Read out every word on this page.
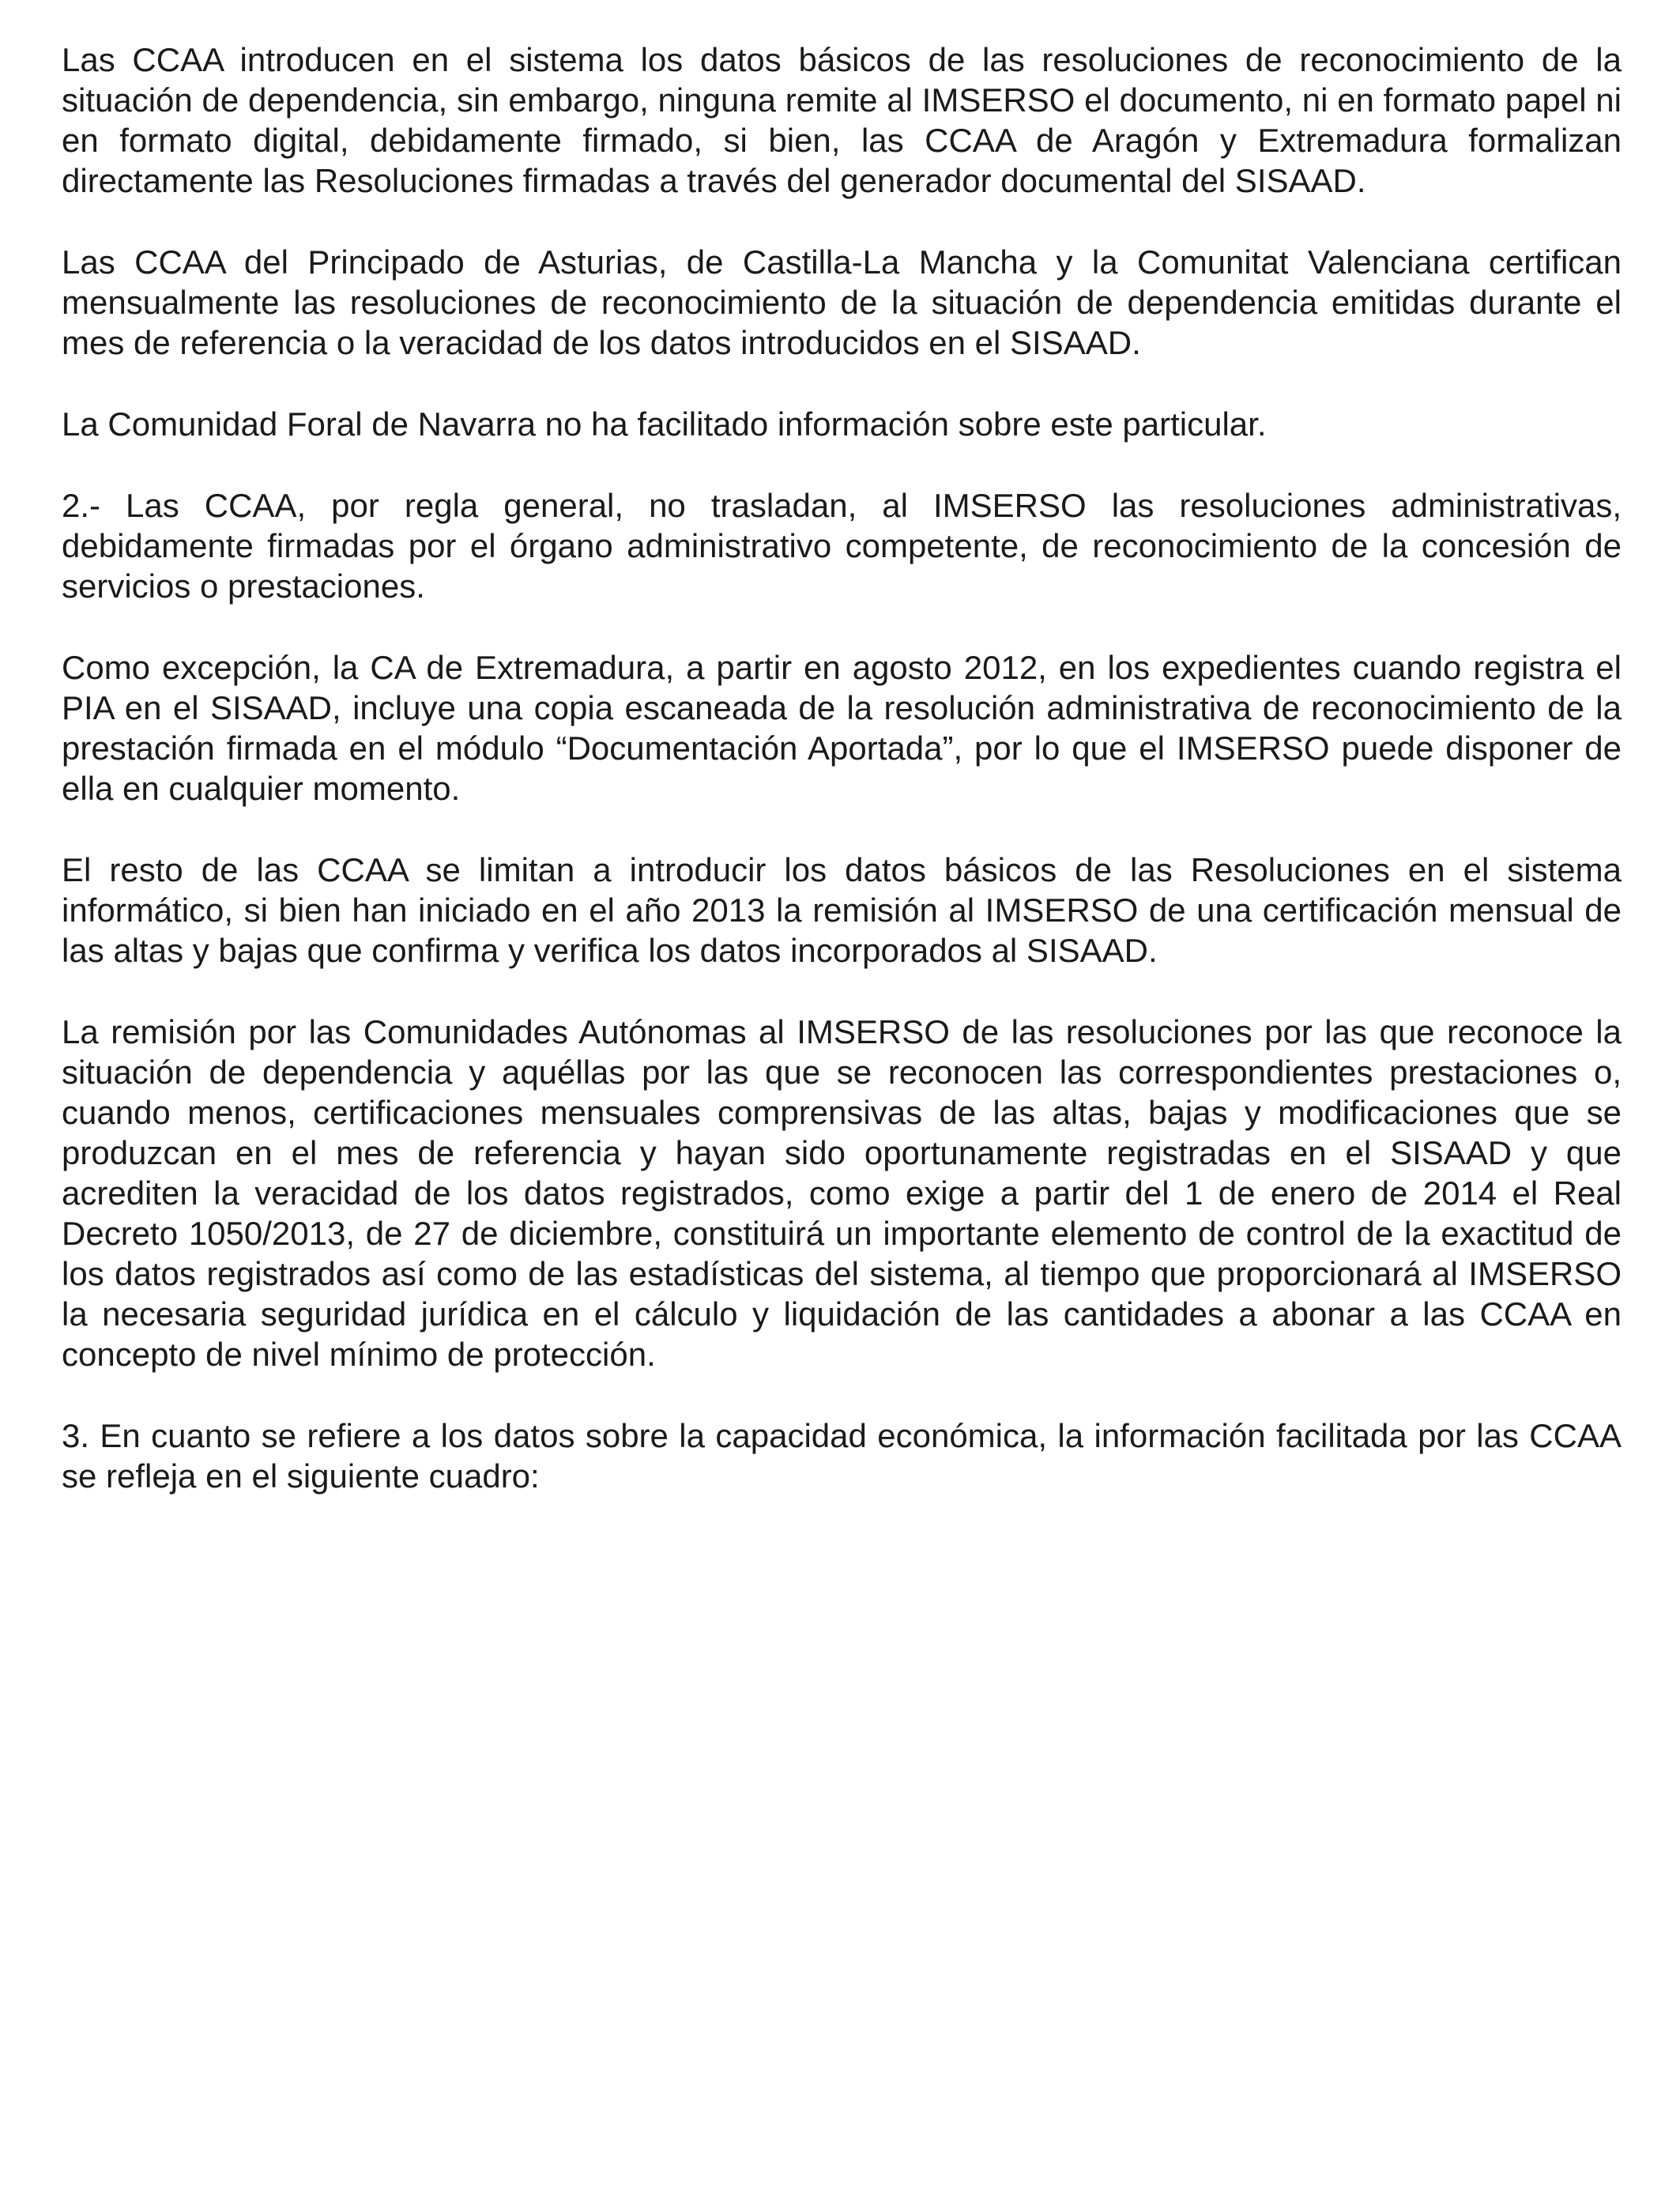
Las CCAA introducen en el sistema los datos básicos de las resoluciones de reconocimiento de la situación de dependencia, sin embargo, ninguna remite al IMSERSO el documento, ni en formato papel ni en formato digital, debidamente firmado, si bien, las CCAA de Aragón y Extremadura formalizan directamente las Resoluciones firmadas a través del generador documental del SISAAD.

Las CCAA del Principado de Asturias, de Castilla-La Mancha y la Comunitat Valenciana certifican mensualmente las resoluciones de reconocimiento de la situación de dependencia emitidas durante el mes de referencia o la veracidad de los datos introducidos en el SISAAD.

La Comunidad Foral de Navarra no ha facilitado información sobre este particular.

2.- Las CCAA, por regla general, no trasladan, al IMSERSO las resoluciones administrativas, debidamente firmadas por el órgano administrativo competente, de reconocimiento de la concesión de servicios o prestaciones.

Como excepción, la CA de Extremadura, a partir en agosto 2012, en los expedientes cuando registra el PIA en el SISAAD, incluye una copia escaneada de la resolución administrativa de reconocimiento de la prestación firmada en el módulo “Documentación Aportada”, por lo que el IMSERSO puede disponer de ella en cualquier momento.

El resto de las CCAA se limitan a introducir los datos básicos de las Resoluciones en el sistema informático, si bien han iniciado en el año 2013 la remisión al IMSERSO de una certificación mensual de las altas y bajas que confirma y verifica los datos incorporados al SISAAD.

La remisión por las Comunidades Autónomas al IMSERSO de las resoluciones por las que reconoce la situación de dependencia y aquéllas por las que se reconocen las correspondientes prestaciones o, cuando menos, certificaciones mensuales comprensivas de las altas, bajas y modificaciones que se produzcan en el mes de referencia y hayan sido oportunamente registradas en el SISAAD y que acrediten la veracidad de los datos registrados, como exige a partir del 1 de enero de 2014 el Real Decreto 1050/2013, de 27 de diciembre, constituirá un importante elemento de control de la exactitud de los datos registrados así como de las estadísticas del sistema, al tiempo que proporcionará al IMSERSO la necesaria seguridad jurídica en el cálculo y liquidación de las cantidades a abonar a las CCAA en concepto de nivel mínimo de protección.

3. En cuanto se refiere a los datos sobre la capacidad económica, la información facilitada por las CCAA se refleja en el siguiente cuadro:
